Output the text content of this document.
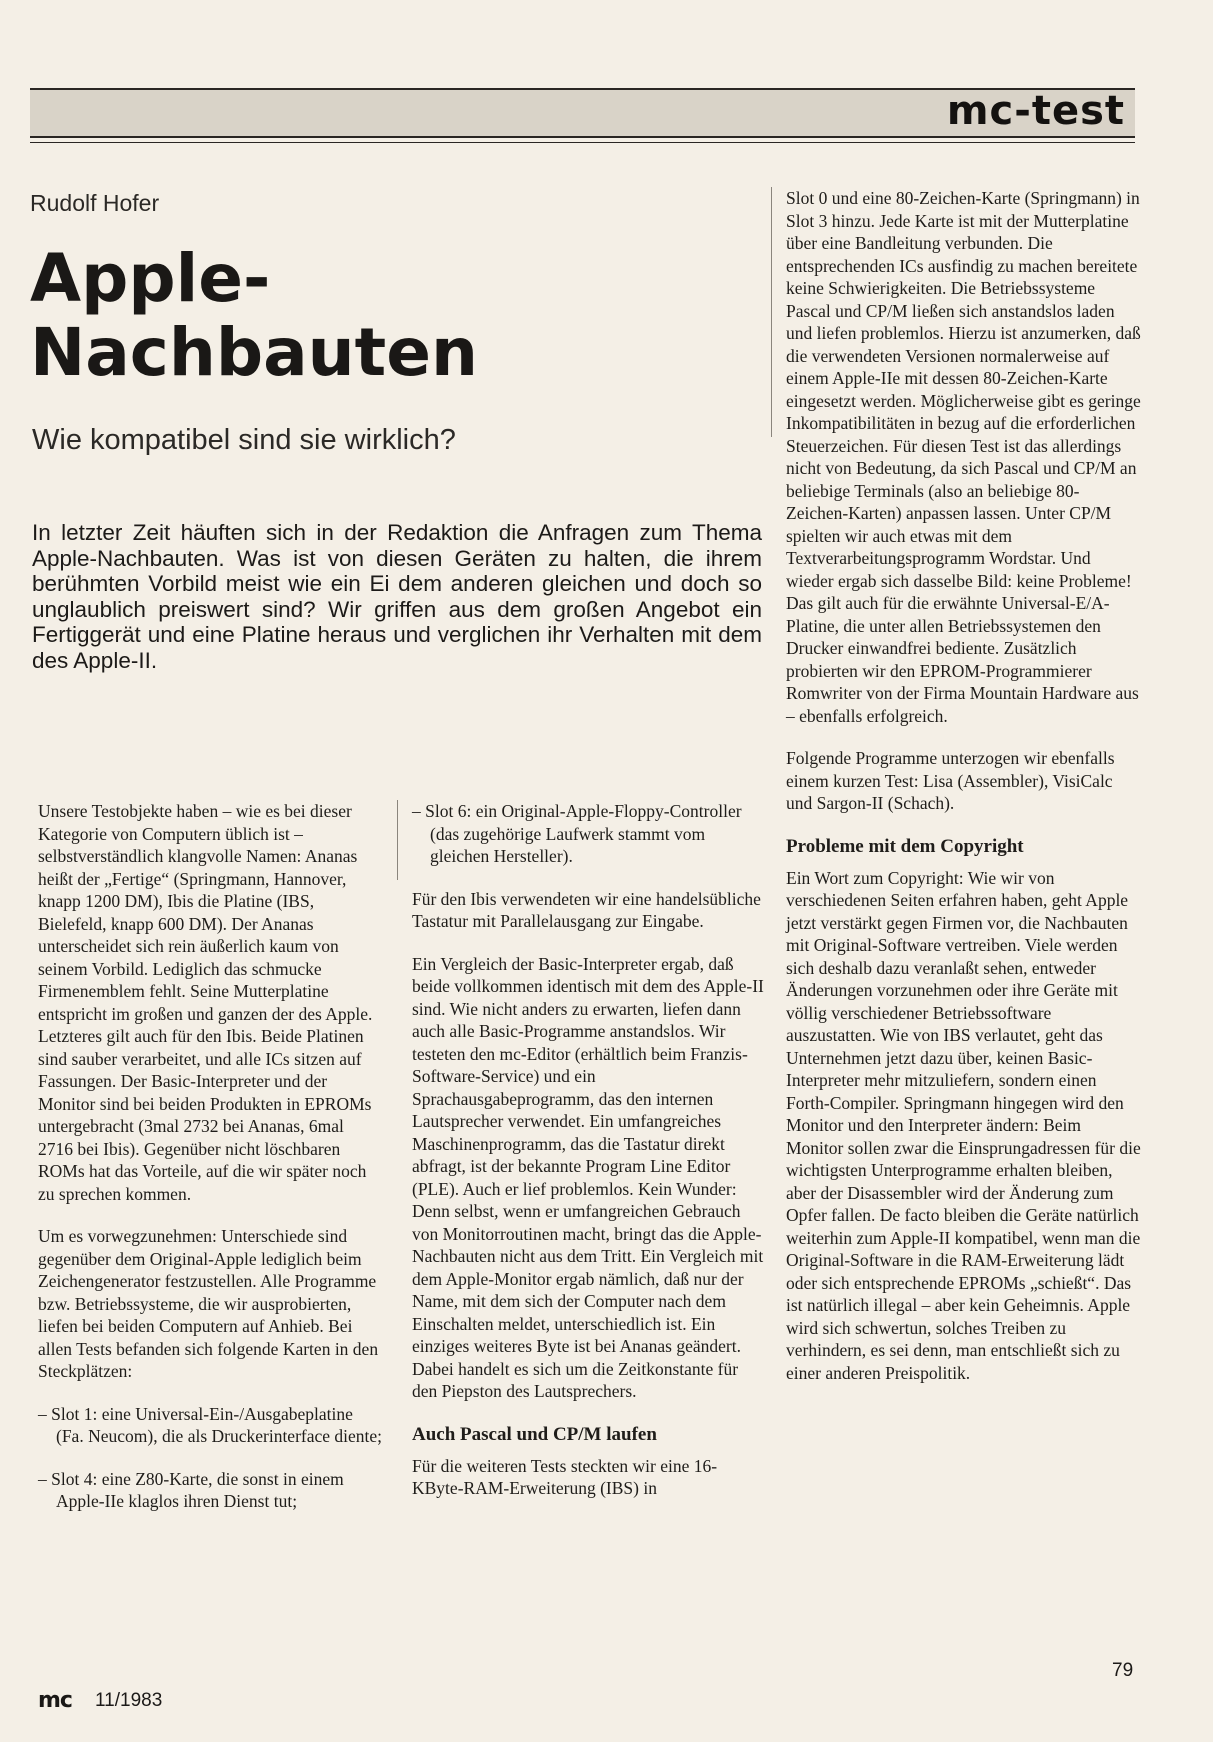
mc-test
Rudolf Hofer
Apple-
Nachbauten
Wie kompatibel sind sie wirklich?
In letzter Zeit häuften sich in der Redaktion die Anfragen zum Thema Apple-Nachbauten. Was ist von diesen Geräten zu halten, die ihrem berühmten Vorbild meist wie ein Ei dem anderen gleichen und doch so unglaublich preiswert sind? Wir griffen aus dem großen Angebot ein Fertiggerät und eine Platine heraus und verglichen ihr Verhalten mit dem des Apple-II.

Unsere Testobjekte haben – wie es bei dieser Kategorie von Computern üblich ist – selbstverständlich klangvolle Namen: Ananas heißt der „Fertige“ (Springmann, Hannover, knapp 1200 DM), Ibis die Platine (IBS, Bielefeld, knapp 600 DM). Der Ananas unterscheidet sich rein äußerlich kaum von seinem Vorbild. Lediglich das schmucke Firmenemblem fehlt. Seine Mutterplatine entspricht im großen und ganzen der des Apple. Letzteres gilt auch für den Ibis. Beide Platinen sind sauber verarbeitet, und alle ICs sitzen auf Fassungen. Der Basic-Interpreter und der Monitor sind bei beiden Produkten in EPROMs untergebracht (3mal 2732 bei Ananas, 6mal 2716 bei Ibis). Gegenüber nicht löschbaren ROMs hat das Vorteile, auf die wir später noch zu sprechen kommen.

Um es vorwegzunehmen: Unterschiede sind gegenüber dem Original-Apple lediglich beim Zeichengenerator festzustellen. Alle Programme bzw. Betriebssysteme, die wir ausprobierten, liefen bei beiden Computern auf Anhieb. Bei allen Tests befanden sich folgende Karten in den Steckplätzen:

– Slot 1: eine Universal-Ein-/Ausgabeplatine (Fa. Neucom), die als Druckerinterface diente;
– Slot 4: eine Z80-Karte, die sonst in einem Apple-IIe klaglos ihren Dienst tut;
– Slot 6: ein Original-Apple-Floppy-Controller (das zugehörige Laufwerk stammt vom gleichen Hersteller).

Für den Ibis verwendeten wir eine handelsübliche Tastatur mit Parallelausgang zur Eingabe.

Ein Vergleich der Basic-Interpreter ergab, daß beide vollkommen identisch mit dem des Apple-II sind. Wie nicht anders zu erwarten, liefen dann auch alle Basic-Programme anstandslos. Wir testeten den mc-Editor (erhältlich beim Franzis-Software-Service) und ein Sprachausgabeprogramm, das den internen Lautsprecher verwendet. Ein umfangreiches Maschinenprogramm, das die Tastatur direkt abfragt, ist der bekannte Program Line Editor (PLE). Auch er lief problemlos. Kein Wunder: Denn selbst, wenn er umfangreichen Gebrauch von Monitorroutinen macht, bringt das die Apple-Nachbauten nicht aus dem Tritt. Ein Vergleich mit dem Apple-Monitor ergab nämlich, daß nur der Name, mit dem sich der Computer nach dem Einschalten meldet, unterschiedlich ist. Ein einziges weiteres Byte ist bei Ananas geändert. Dabei handelt es sich um die Zeitkonstante für den Piepston des Lautsprechers.

Auch Pascal und CP/M laufen

Für die weiteren Tests steckten wir eine 16-KByte-RAM-Erweiterung (IBS) in

Slot 0 und eine 80-Zeichen-Karte (Springmann) in Slot 3 hinzu. Jede Karte ist mit der Mutterplatine über eine Bandleitung verbunden. Die entsprechenden ICs ausfindig zu machen bereitete keine Schwierigkeiten. Die Betriebssysteme Pascal und CP/M ließen sich anstandslos laden und liefen problemlos. Hierzu ist anzumerken, daß die verwendeten Versionen normalerweise auf einem Apple-IIe mit dessen 80-Zeichen-Karte eingesetzt werden. Möglicherweise gibt es geringe Inkompatibilitäten in bezug auf die erforderlichen Steuerzeichen. Für diesen Test ist das allerdings nicht von Bedeutung, da sich Pascal und CP/M an beliebige Terminals (also an beliebige 80-Zeichen-Karten) anpassen lassen. Unter CP/M spielten wir auch etwas mit dem Textverarbeitungsprogramm Wordstar. Und wieder ergab sich dasselbe Bild: keine Probleme! Das gilt auch für die erwähnte Universal-E/A-Platine, die unter allen Betriebssystemen den Drucker einwandfrei bediente. Zusätzlich probierten wir den EPROM-Programmierer Romwriter von der Firma Mountain Hardware aus – ebenfalls erfolgreich.

Folgende Programme unterzogen wir ebenfalls einem kurzen Test: Lisa (Assembler), VisiCalc und Sargon-II (Schach).

Probleme mit dem Copyright

Ein Wort zum Copyright: Wie wir von verschiedenen Seiten erfahren haben, geht Apple jetzt verstärkt gegen Firmen vor, die Nachbauten mit Original-Software vertreiben. Viele werden sich deshalb dazu veranlaßt sehen, entweder Änderungen vorzunehmen oder ihre Geräte mit völlig verschiedener Betriebssoftware auszustatten. Wie von IBS verlautet, geht das Unternehmen jetzt dazu über, keinen Basic-Interpreter mehr mitzuliefern, sondern einen Forth-Compiler. Springmann hingegen wird den Monitor und den Interpreter ändern: Beim Monitor sollen zwar die Einsprungadressen für die wichtigsten Unterprogramme erhalten bleiben, aber der Disassembler wird der Änderung zum Opfer fallen. De facto bleiben die Geräte natürlich weiterhin zum Apple-II kompatibel, wenn man die Original-Software in die RAM-Erweiterung lädt oder sich entsprechende EPROMs „schießt“. Das ist natürlich illegal – aber kein Geheimnis. Apple wird sich schwertun, solches Treiben zu verhindern, es sei denn, man entschließt sich zu einer anderen Preispolitik.

mc 11/1983
79
